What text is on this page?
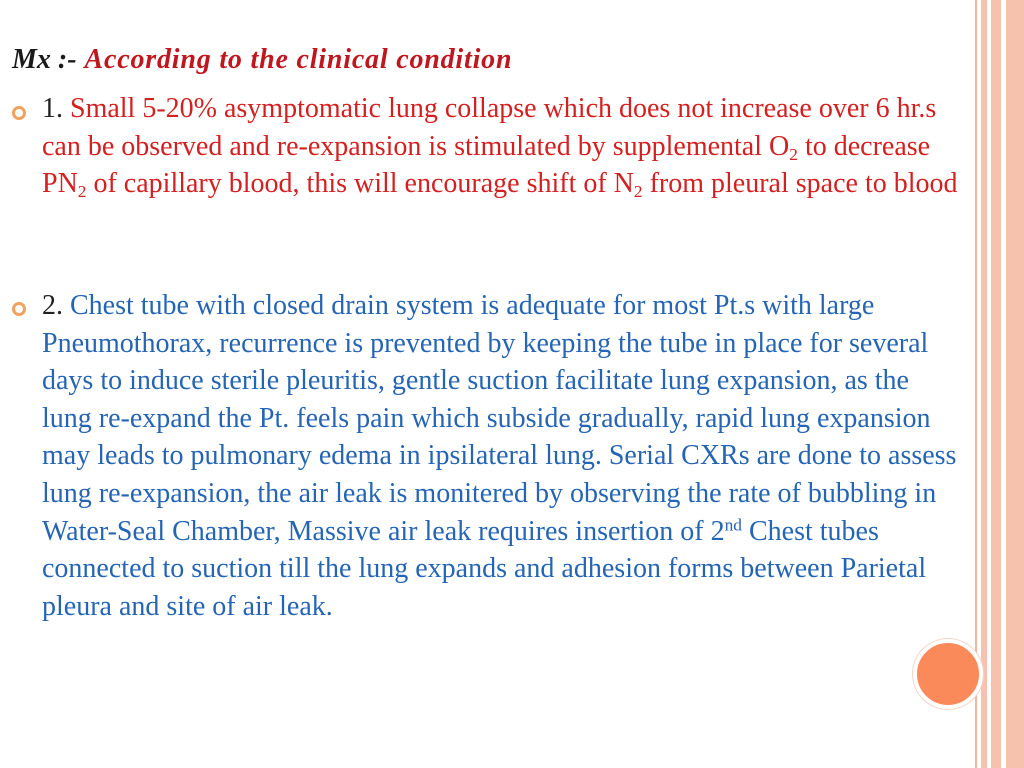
Mx :- According to the clinical condition
1. Small 5-20% asymptomatic lung collapse which does not increase over 6 hr.s can be observed and re-expansion is stimulated by supplemental $O_2$ to decrease $PN_2$ of capillary blood, this will encourage shift of $N_2$ from pleural space to blood
2. Chest tube with closed drain system is adequate for most Pt.s with large Pneumothorax, recurrence is prevented by keeping the tube in place for several days to induce sterile pleuritis, gentle suction facilitate lung expansion, as the lung re-expand the Pt. feels pain which subside gradually, rapid lung expansion may leads to pulmonary edema in ipsilateral lung. Serial CXRs are done to assess lung re-expansion, the air leak is monitered by observing the rate of bubbling in Water-Seal Chamber, Massive air leak requires insertion of 2nd Chest tubes connected to suction till the lung expands and adhesion forms between Parietal pleura and site of air leak.
